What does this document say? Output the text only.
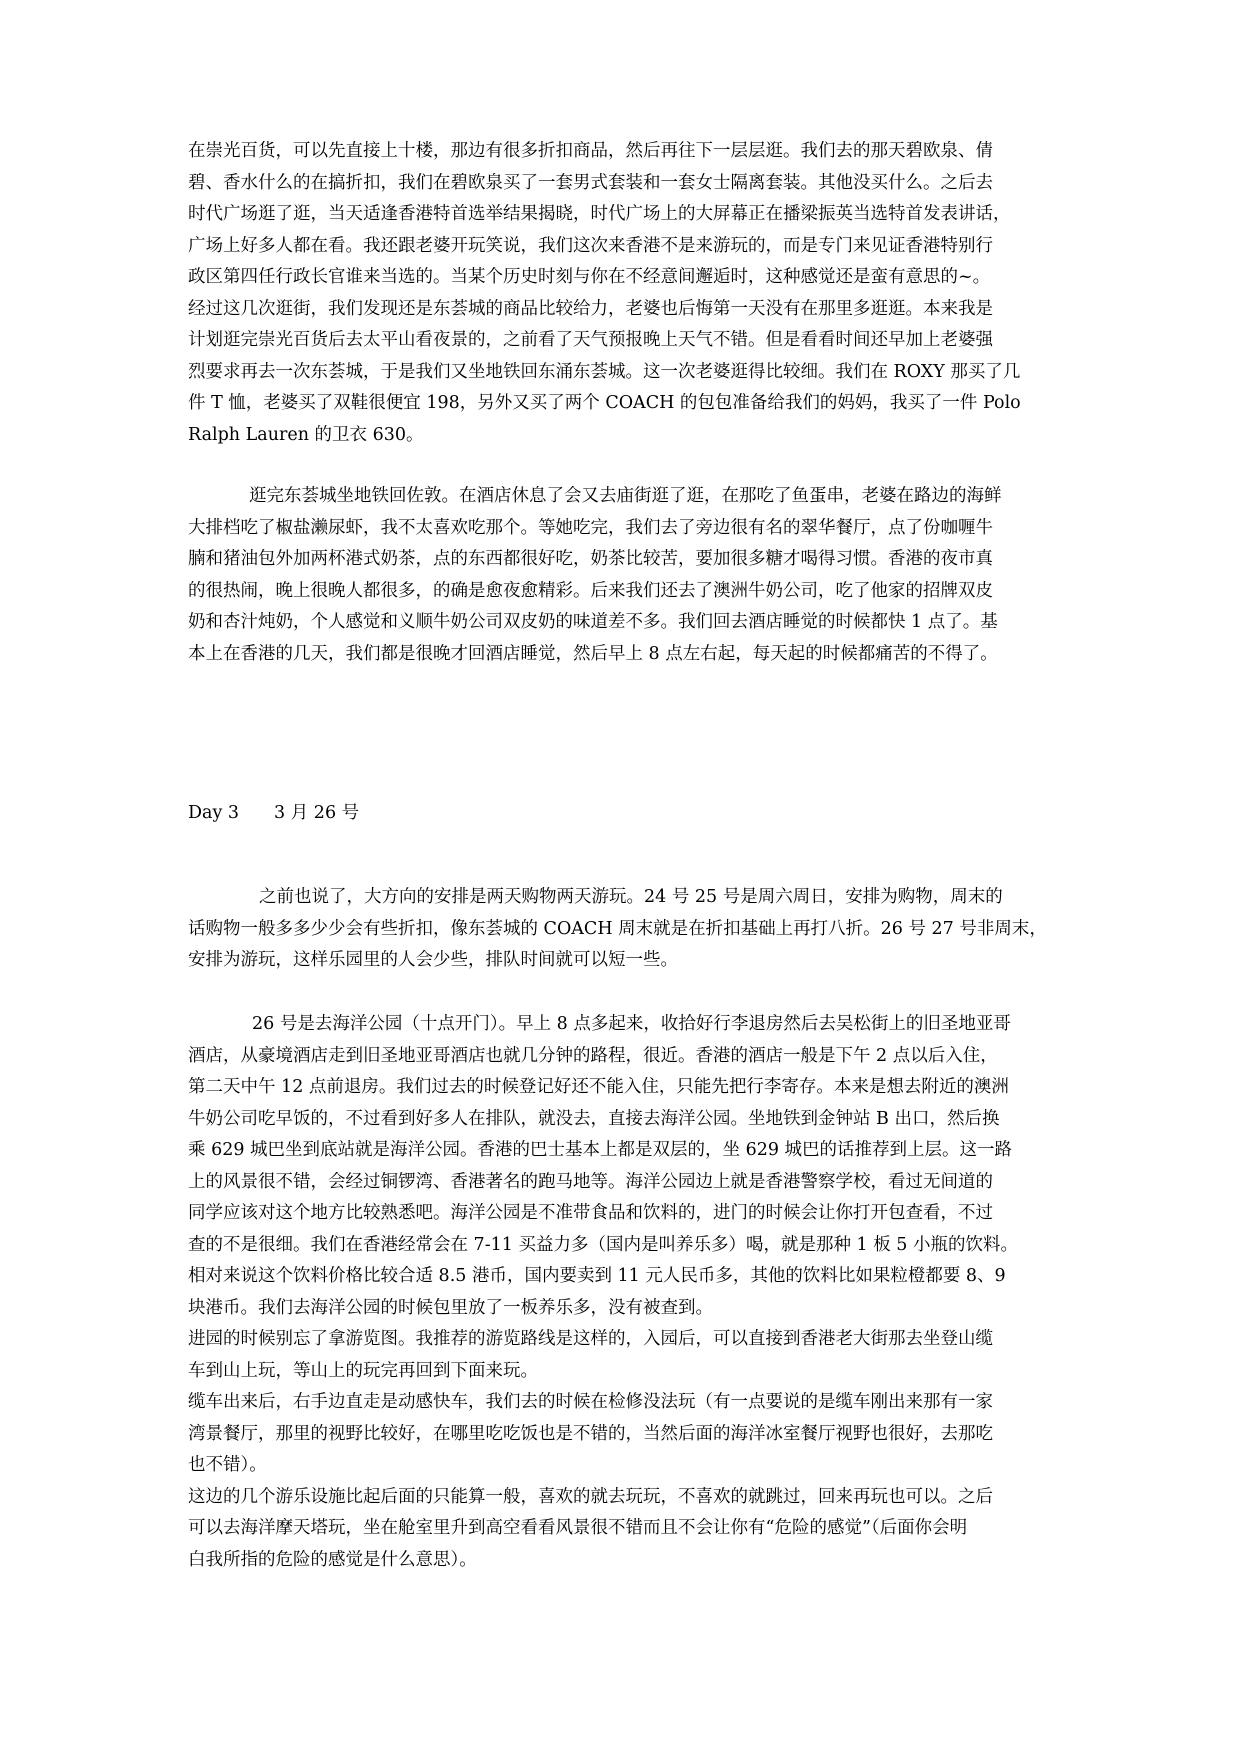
在崇光百货，可以先直接上十楼，那边有很多折扣商品，然后再往下一层层逛。我们去的那天碧欧泉、倩
碧、香水什么的在搞折扣，我们在碧欧泉买了一套男式套装和一套女士隔离套装。其他没买什么。之后去
时代广场逛了逛，当天适逢香港特首选举结果揭晓，时代广场上的大屏幕正在播梁振英当选特首发表讲话，
广场上好多人都在看。我还跟老婆开玩笑说，我们这次来香港不是来游玩的，而是专门来见证香港特别行
政区第四任行政长官谁来当选的。当某个历史时刻与你在不经意间邂逅时，这种感觉还是蛮有意思的~。
经过这几次逛街，我们发现还是东荟城的商品比较给力，老婆也后悔第一天没有在那里多逛逛。本来我是
计划逛完崇光百货后去太平山看夜景的，之前看了天气预报晚上天气不错。但是看看时间还早加上老婆强
烈要求再去一次东荟城，于是我们又坐地铁回东涌东荟城。这一次老婆逛得比较细。我们在 ROXY 那买了几
件 T 恤，老婆买了双鞋很便宜 198，另外又买了两个 COACH 的包包准备给我们的妈妈，我买了一件 Polo
Ralph Lauren 的卫衣 630。
逛完东荟城坐地铁回佐敦。在酒店休息了会又去庙街逛了逛，在那吃了鱼蛋串，老婆在路边的海鲜
大排档吃了椒盐濑尿虾，我不太喜欢吃那个。等她吃完，我们去了旁边很有名的翠华餐厅，点了份咖喱牛
腩和猪油包外加两杯港式奶茶，点的东西都很好吃，奶茶比较苦，要加很多糖才喝得习惯。香港的夜市真
的很热闹，晚上很晚人都很多，的确是愈夜愈精彩。后来我们还去了澳洲牛奶公司，吃了他家的招牌双皮
奶和杏汁炖奶，个人感觉和义顺牛奶公司双皮奶的味道差不多。我们回去酒店睡觉的时候都快 1 点了。基
本上在香港的几天，我们都是很晚才回酒店睡觉，然后早上 8 点左右起，每天起的时候都痛苦的不得了。
Day 3　　3 月 26 号
之前也说了，大方向的安排是两天购物两天游玩。24 号 25 号是周六周日，安排为购物，周末的
话购物一般多多少少会有些折扣，像东荟城的 COACH 周末就是在折扣基础上再打八折。26 号 27 号非周末，
安排为游玩，这样乐园里的人会少些，排队时间就可以短一些。
26 号是去海洋公园（十点开门）。早上 8 点多起来，收拾好行李退房然后去吴松街上的旧圣地亚哥
酒店，从豪境酒店走到旧圣地亚哥酒店也就几分钟的路程，很近。香港的酒店一般是下午 2 点以后入住，
第二天中午 12 点前退房。我们过去的时候登记好还不能入住，只能先把行李寄存。本来是想去附近的澳洲
牛奶公司吃早饭的，不过看到好多人在排队，就没去，直接去海洋公园。坐地铁到金钟站 B 出口，然后换
乘 629 城巴坐到底站就是海洋公园。香港的巴士基本上都是双层的，坐 629 城巴的话推荐到上层。这一路
上的风景很不错，会经过铜锣湾、香港著名的跑马地等。海洋公园边上就是香港警察学校，看过无间道的
同学应该对这个地方比较熟悉吧。海洋公园是不准带食品和饮料的，进门的时候会让你打开包查看，不过
查的不是很细。我们在香港经常会在 7-11 买益力多（国内是叫养乐多）喝，就是那种 1 板 5 小瓶的饮料。
相对来说这个饮料价格比较合适 8.5 港币，国内要卖到 11 元人民币多，其他的饮料比如果粒橙都要 8、9
块港币。我们去海洋公园的时候包里放了一板养乐多，没有被查到。
进园的时候别忘了拿游览图。我推荐的游览路线是这样的，入园后，可以直接到香港老大街那去坐登山缆
车到山上玩，等山上的玩完再回到下面来玩。
缆车出来后，右手边直走是动感快车，我们去的时候在检修没法玩（有一点要说的是缆车刚出来那有一家
湾景餐厅，那里的视野比较好，在哪里吃吃饭也是不错的，当然后面的海洋冰室餐厅视野也很好，去那吃
也不错）。
这边的几个游乐设施比起后面的只能算一般，喜欢的就去玩玩，不喜欢的就跳过，回来再玩也可以。之后
可以去海洋摩天塔玩，坐在舱室里升到高空看看风景很不错而且不会让你有“危险的感觉”（后面你会明
白我所指的危险的感觉是什么意思）。
